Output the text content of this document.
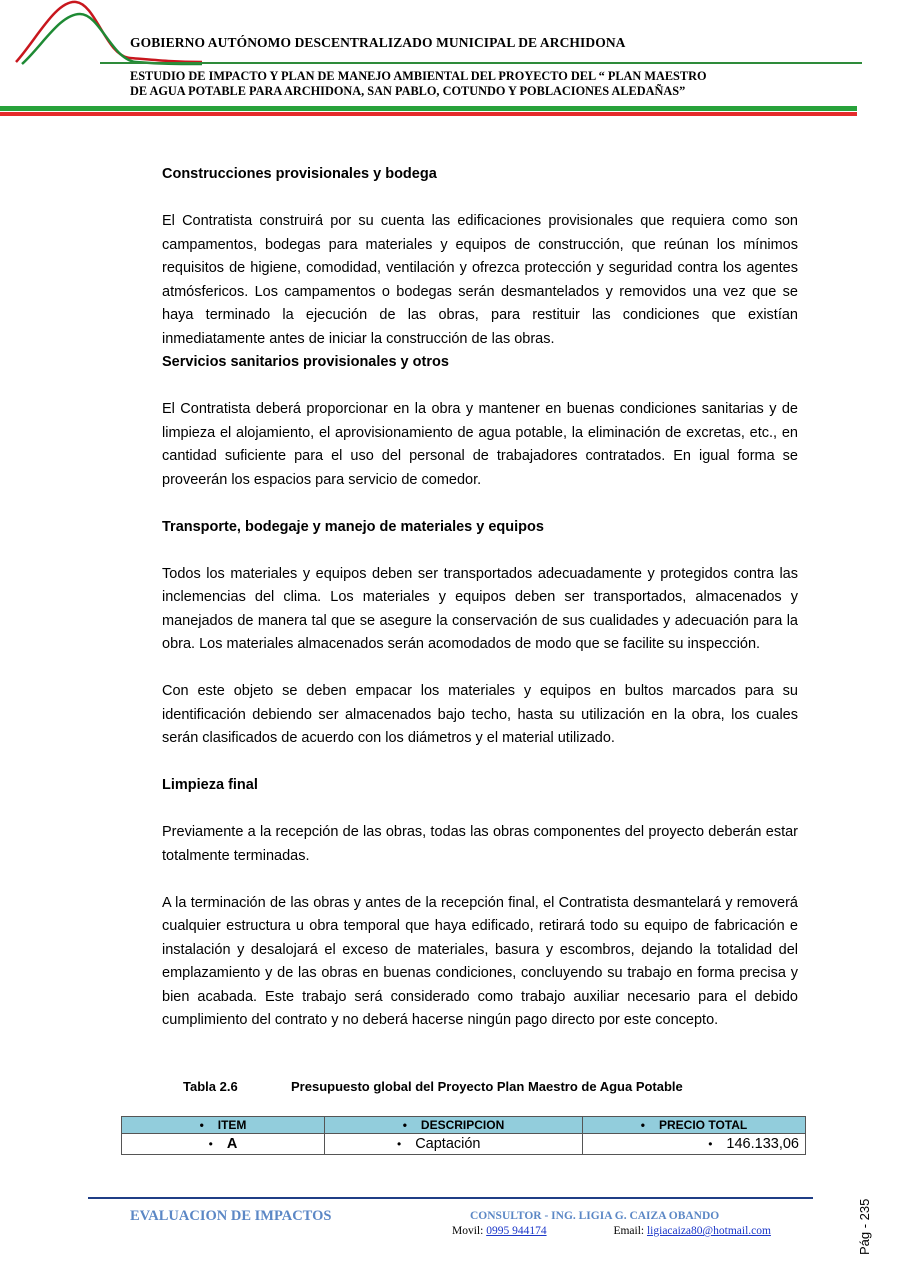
GOBIERNO AUTÓNOMO DESCENTRALIZADO MUNICIPAL DE ARCHIDONA
ESTUDIO DE IMPACTO Y PLAN DE MANEJO AMBIENTAL DEL PROYECTO DEL “ PLAN MAESTRO
DE AGUA POTABLE PARA ARCHIDONA, SAN PABLO, COTUNDO Y POBLACIONES ALEDAÑAS”
Construcciones provisionales y bodega

El Contratista construirá por su cuenta las edificaciones provisionales que requiera como son campamentos, bodegas para materiales y equipos de construcción, que reúnan los mínimos requisitos de higiene, comodidad, ventilación y ofrezca protección y seguridad contra los agentes atmósfericos. Los campamentos o bodegas serán desmantelados y removidos una vez que se haya terminado la ejecución de las obras, para restituir las condiciones que existían inmediatamente antes de iniciar la construcción de las obras.

Servicios sanitarios provisionales y otros

El Contratista deberá proporcionar en la obra y mantener en buenas condiciones sanitarias y de limpieza el alojamiento, el aprovisionamiento de agua potable, la eliminación de excretas, etc., en cantidad suficiente para el uso del personal de trabajadores contratados. En igual forma se proveerán los espacios para servicio de comedor.

Transporte, bodegaje y manejo de materiales y equipos

Todos los materiales y equipos deben ser transportados adecuadamente y protegidos contra las inclemencias del clima. Los materiales y equipos deben ser transportados, almacenados y manejados de manera tal que se asegure la conservación de sus cualidades y adecuación para la obra. Los materiales almacenados serán acomodados de modo que se facilite su inspección.

Con este objeto se deben empacar los materiales y equipos en bultos marcados para su identificación debiendo ser almacenados bajo techo, hasta su utilización en la obra, los cuales serán clasificados de acuerdo con los diámetros y el material utilizado.

Limpieza final

Previamente a la recepción de las obras, todas las obras componentes del proyecto deberán estar totalmente terminadas.

A la terminación de las obras y antes de la recepción final, el Contratista desmantelará y removerá cualquier estructura u obra temporal que haya edificado, retirará todo su equipo de fabricación e instalación y desalojará el exceso de materiales, basura y escombros, dejando la totalidad del emplazamiento y de las obras en buenas condiciones, concluyendo su trabajo en forma precisa y bien acabada. Este trabajo será considerado como trabajo auxiliar necesario para el debido cumplimiento del contrato y no deberá hacerse ningún pago directo por este concepto.

Tabla 2.6	Presupuesto global del Proyecto Plan Maestro de Agua Potable
• ITEM	• DESCRIPCION	• PRECIO TOTAL
• A	• Captación	• 146.133,06
EVALUACION DE IMPACTOS	CONSULTOR - ING. LIGIA G. CAIZA OBANDO
Movil: 0995 944174	Email: ligiacaiza80@hotmail.com	Pág - 235
